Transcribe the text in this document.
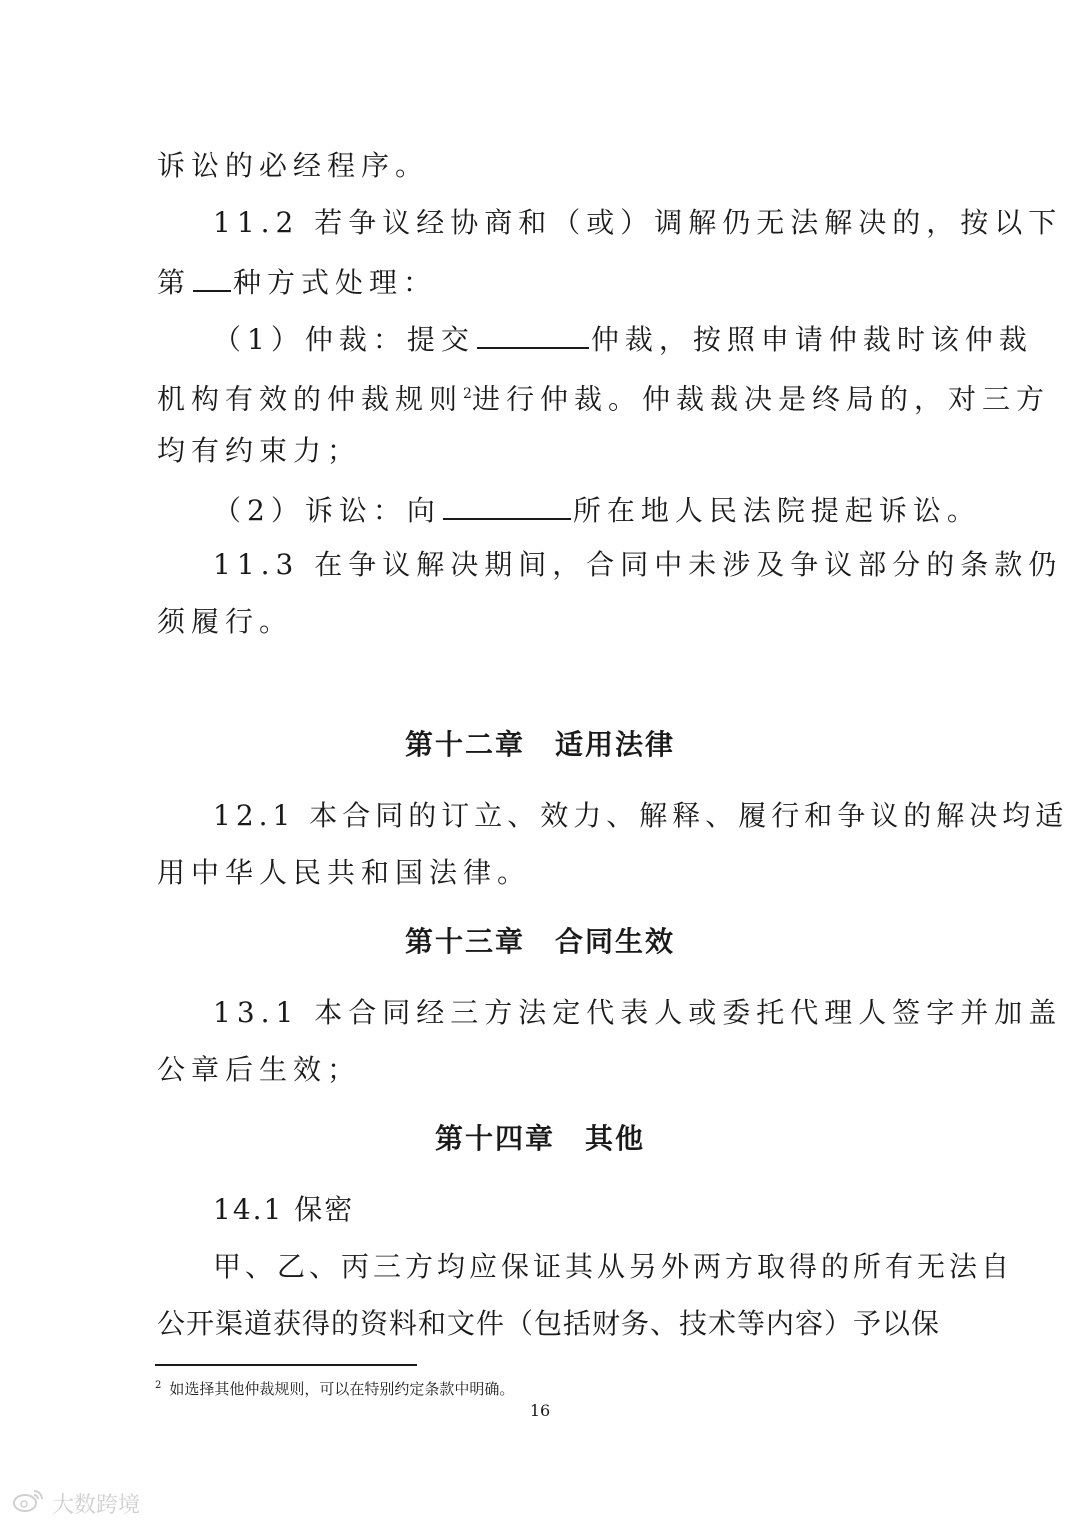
诉讼的必经程序。
11.2 若争议经协商和（或）调解仍无法解决的，按以下
第 种方式处理：
（1）仲裁：提交	仲裁，按照申请仲裁时该仲裁
机构有效的仲裁规则$^2$进行仲裁。仲裁裁决是终局的，对三方
均有约束力；
（2）诉讼：向	所在地人民法院提起诉讼。
11.3 在争议解决期间，合同中未涉及争议部分的条款仍
须履行。
第十二章 适用法律
12.1 本合同的订立、效力、解释、履行和争议的解决均适
用中华人民共和国法律。
第十三章 合同生效
13.1 本合同经三方法定代表人或委托代理人签字并加盖
公章后生效；
第十四章 其他
14.1 保密
甲、乙、丙三方均应保证其从另外两方取得的所有无法自
公开渠道获得的资料和文件（包括财务、技术等内容）予以保
$^2$ 如选择其他仲裁规则，可以在特别约定条款中明确。
16
大数跨境
